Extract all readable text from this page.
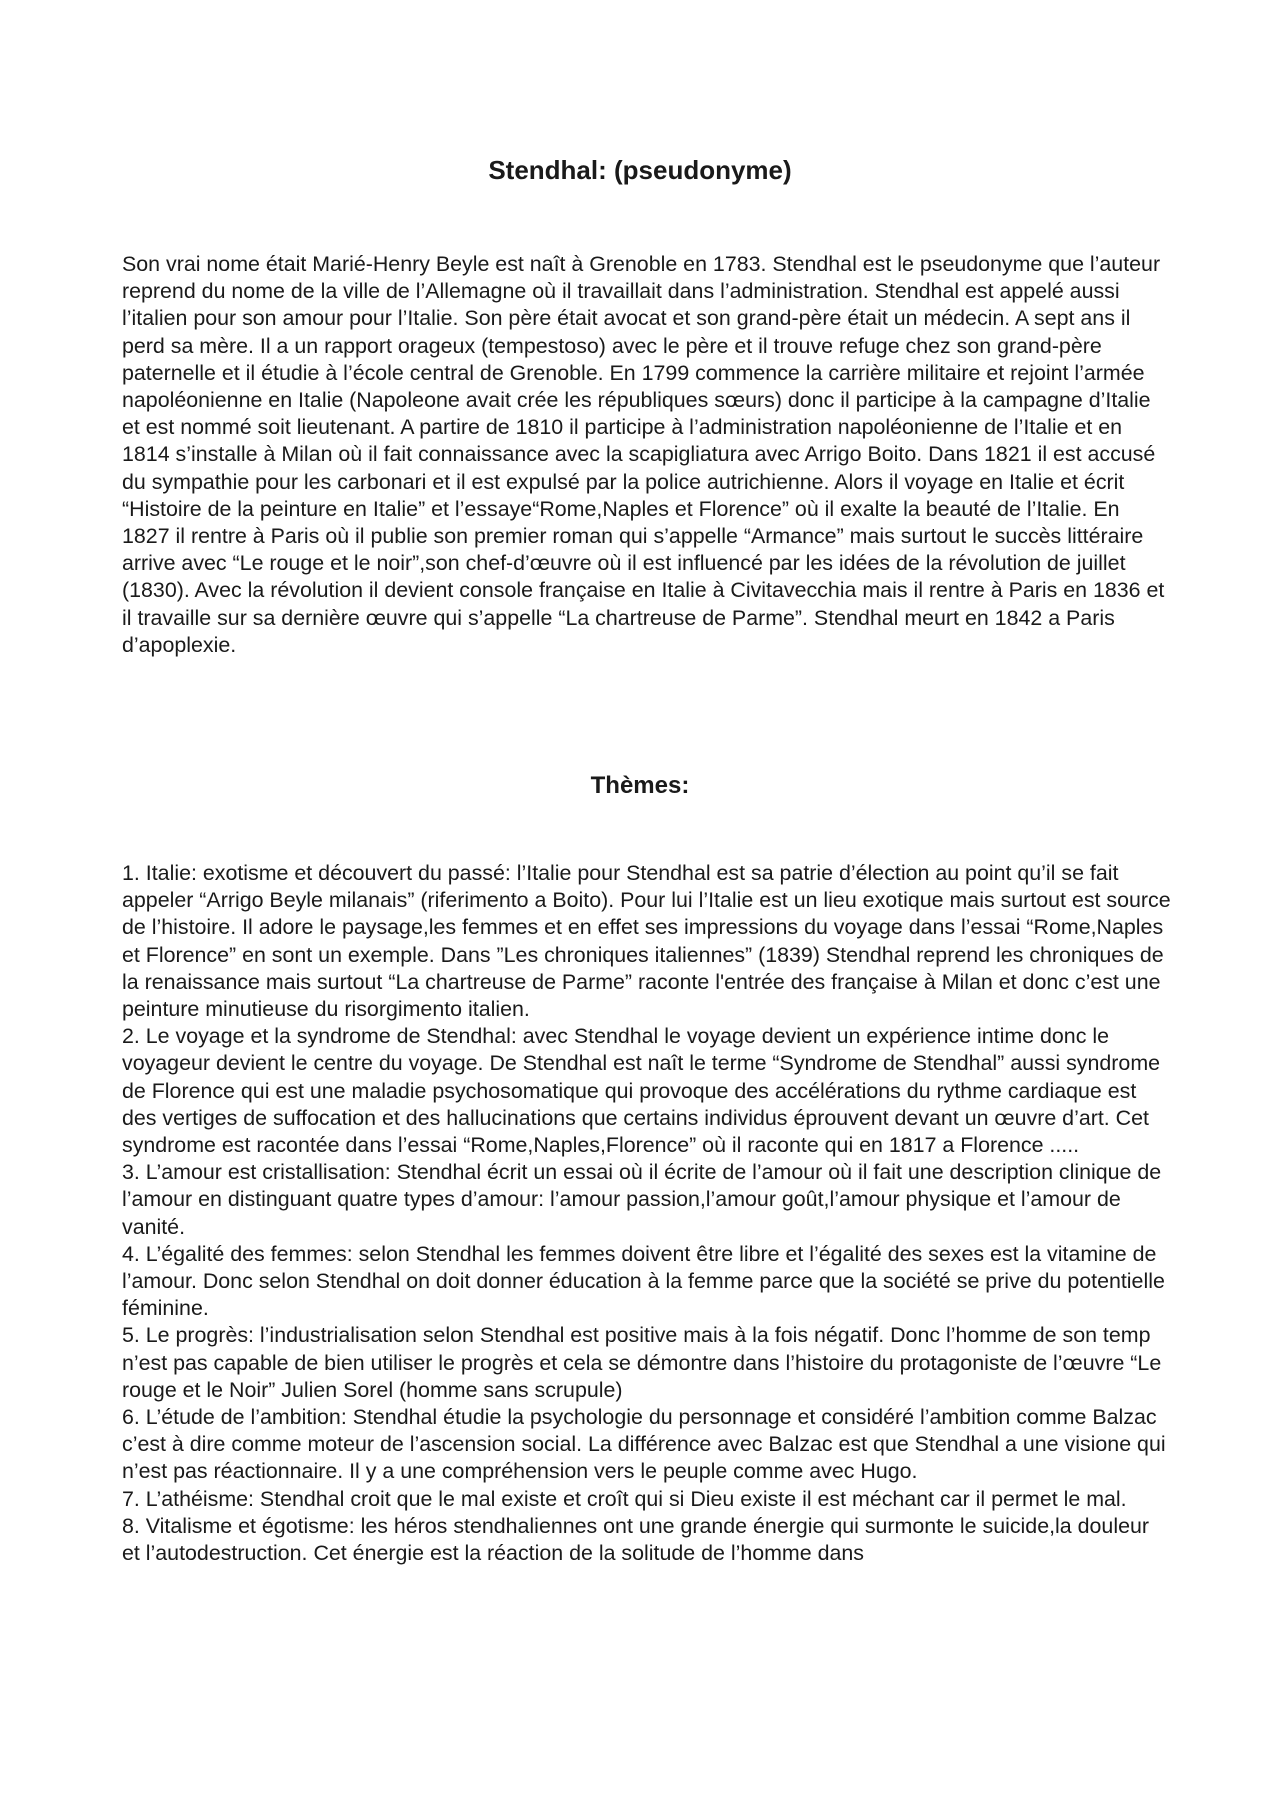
Stendhal: (pseudonyme)

Son vrai nome était Marié-Henry Beyle est naît à Grenoble en 1783. Stendhal est le pseudonyme que l’auteur reprend du nome de la ville de l’Allemagne où il travaillait dans l’administration. Stendhal est appelé aussi l’italien pour son amour pour l’Italie. Son père était avocat et son grand-père était un médecin. A sept ans il perd sa mère. Il a un rapport orageux (tempestoso) avec le père et il trouve refuge chez son grand-père paternelle et il étudie à l’école central de Grenoble. En 1799 commence la carrière militaire et rejoint l’armée napoléonienne en Italie (Napoleone avait crée les républiques sœurs) donc il participe à la campagne d’Italie et est nommé soit lieutenant. A partire de 1810 il participe à l’administration napoléonienne de l’Italie et en 1814 s’installe à Milan où il fait connaissance avec la scapigliatura avec Arrigo Boito. Dans 1821 il est accusé du sympathie pour les carbonari et il est expulsé par la police autrichienne. Alors il voyage en Italie et écrit “Histoire de la peinture en Italie” et l’essaye“Rome,Naples et Florence” où il exalte la beauté de l’Italie. En 1827 il rentre à Paris où il publie son premier roman qui s’appelle “Armance” mais surtout le succès littéraire arrive avec “Le rouge et le noir”,son chef-d’œuvre où il est influencé par les idées de la révolution de juillet (1830). Avec la révolution il devient console française en Italie à Civitavecchia mais il rentre à Paris en 1836 et il travaille sur sa dernière œuvre qui s’appelle “La chartreuse de Parme”. Stendhal meurt en 1842 a Paris d’apoplexie.

Thèmes:
1. Italie: exotisme et découvert du passé: l’Italie pour Stendhal est sa patrie d’élection au point qu’il se fait appeler “Arrigo Beyle milanais” (riferimento a Boito). Pour lui l’Italie est un lieu exotique mais surtout est source de l’histoire. Il adore le paysage,les femmes et en effet ses impressions du voyage dans l’essai “Rome,Naples et Florence” en sont un exemple. Dans ”Les chroniques italiennes” (1839) Stendhal reprend les chroniques de la renaissance mais surtout “La chartreuse de Parme” raconte l'entrée des française à Milan et donc c’est une peinture minutieuse du risorgimento italien.
2. Le voyage et la syndrome de Stendhal: avec Stendhal le voyage devient un expérience intime donc le voyageur devient le centre du voyage. De Stendhal est naît le terme “Syndrome de Stendhal” aussi syndrome de Florence qui est une maladie psychosomatique qui provoque des accélérations du rythme cardiaque est des vertiges de suffocation et des hallucinations que certains individus éprouvent devant un œuvre d’art. Cet syndrome est racontée dans l’essai “Rome,Naples,Florence” où il raconte qui en 1817 a Florence .....
3. L’amour est cristallisation: Stendhal écrit un essai où il écrite de l’amour où il fait une description clinique de l’amour en distinguant quatre types d’amour: l’amour passion,l’amour goût,l’amour physique et l’amour de vanité.
4. L’égalité des femmes: selon Stendhal les femmes doivent être libre et l’égalité des sexes est la vitamine de l’amour. Donc selon Stendhal on doit donner éducation à la femme parce que la société se prive du potentielle féminine.
5. Le progrès: l’industrialisation selon Stendhal est positive mais à la fois négatif. Donc l’homme de son temp n’est pas capable de bien utiliser le progrès et cela se démontre dans l’histoire du protagoniste de l’œuvre “Le rouge et le Noir” Julien Sorel (homme sans scrupule)
6. L’étude de l’ambition: Stendhal étudie la psychologie du personnage et considéré l’ambition comme Balzac c’est à dire comme moteur de l’ascension social. La différence avec Balzac est que Stendhal a une visione qui n’est pas réactionnaire. Il y a une compréhension vers le peuple comme avec Hugo.
7. L’athéisme: Stendhal croit que le mal existe et croît qui si Dieu existe il est méchant car il permet le mal.
8. Vitalisme et égotisme: les héros stendhaliennes ont une grande énergie qui surmonte le suicide,la douleur et l’autodestruction. Cet énergie est la réaction de la solitude de l’homme dans
